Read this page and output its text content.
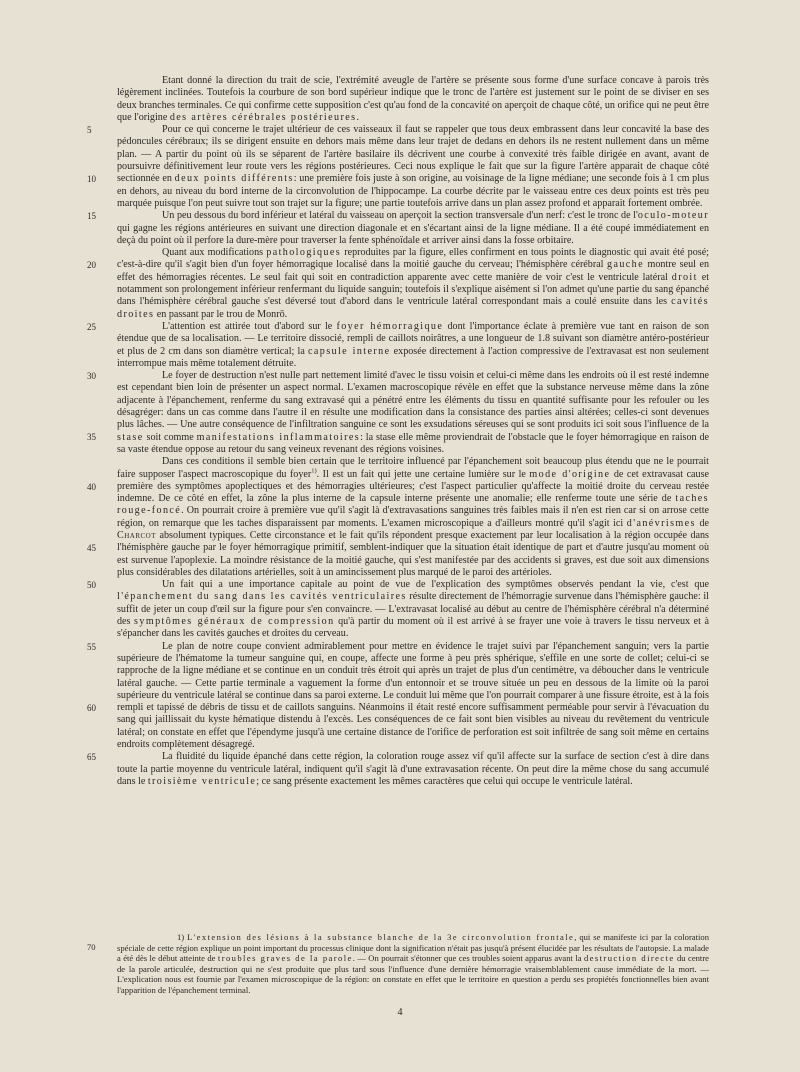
5
Etant donné la direction du trait de scie, l'extrémité aveugle de l'artère se présente sous forme d'une surface concave à parois très légèrement inclinées. Toutefois la courbure de son bord supérieur indique que le tronc de l'artère est justement sur le point de se diviser en ses deux branches terminales. Ce qui confirme cette supposition c'est qu'au fond de la concavité on aperçoit de chaque côté, un orifice qui ne peut être que l'origine des artères cérébrales postérieures.

10
Pour ce qui concerne le trajet ultérieur de ces vaisseaux il faut se rappeler que tous deux embrassent dans leur concavité la base des pédoncules cérébraux; ils se dirigent ensuite en dehors mais même dans leur trajet de dedans en dehors ils ne restent nullement dans un même plan. — A partir du point où ils se séparent de l'artère basilaire ils décrivent une courbe à convexité très faible dirigée en avant, avant de poursuivre définitivement leur route vers les régions postérieures. Ceci nous explique le fait que sur la figure l'artère apparait de chaque côté sectionnée en deux points différents: une première fois juste à son origine, au voisinage de la ligne médiane; une seconde fois à 1 cm plus en dehors, au niveau du bord interne de la circonvolution de l'hippocampe. La courbe décrite par le vaisseau entre ces deux points est très peu marquée puisque l'on peut suivre tout son trajet sur la figure; une partie toutefois arrive dans un plan assez profond et apparait fortement ombrée.

15	Un peu dessous du bord inférieur et latéral du vaisseau on aperçoit la section transversale d'un nerf: c'est le tronc de l'oculo-moteur qui gagne les régions antérieures en suivant une direction diagonale et en s'écartant ainsi de la ligne médiane. Il a été coupé immédiatement en deçà du point où il perfore la dure-mère pour traverser la fente sphénoïdale et arriver ainsi dans la fosse orbitaire.

20
25
Quant aux modifications pathologiques reproduites par la figure, elles confirment en tous points le diagnostic qui avait été posé; c'est-à-dire qu'il s'agit bien d'un foyer hémorragique localisé dans la moitié gauche du cerveau; l'hémisphère cérébral gauche montre seul en effet des hémorragies récentes. Le seul fait qui soit en contradiction apparente avec cette manière de voir c'est le ventricule latéral droit et notamment son prolongement inférieur renfermant du liquide sanguin; toutefois il s'explique aisément si l'on admet qu'une partie du sang épanché dans l'hémisphère cérébral gauche s'est déversé tout d'abord dans le ventricule latéral correspondant mais a coulé ensuite dans les cavités droites en passant par le trou de Monrō.

L'attention est attirée tout d'abord sur le foyer hémorragique dont l'importance éclate à première vue tant en raison de son étendue que de sa localisation. — Le territoire dissocié, rempli de caillots noirâtres, a une longueur de 1.8 suivant son diamètre antéro-postérieur et plus de 2 cm dans son diamètre vertical; la capsule interne exposée directement à l'action compressive de l'extravasat est non seulement interrompue mais même totalement détruite.

30
35
Le foyer de destruction n'est nulle part nettement limité d'avec le tissu voisin et celui-ci même dans les endroits où il est resté indemne est cependant bien loin de présenter un aspect normal. L'examen macroscopique révèle en effet que la substance nerveuse même dans la zône adjacente à l'épanchement, renferme du sang extravasé qui a pénétré entre les éléments du tissu en quantité suffisante pour les refouler ou les désagréger: dans un cas comme dans l'autre il en résulte une modification dans la consistance des parties ainsi altérées; celles-ci sont devenues plus lâches. — Une autre conséquence de l'infiltration sanguine ce sont les exsudations séreuses qui se sont produits ici soit sous l'influence de la stase soit comme manifestations inflammatoires: la stase elle même proviendrait de l'obstacle que le foyer hémorragique en raison de sa vaste étendue oppose au retour du sang veineux revenant des régions voisines.

40
45
Dans ces conditions il semble bien certain que le territoire influencé par l'épanchement soit beaucoup plus étendu que ne le pourrait faire supposer l'aspect macroscopique du foyer$^{1)}$. Il est un fait qui jette une certaine lumière sur le mode d'origine de cet extravasat cause première des symptômes apoplectiques et des hémorragies ultérieures; c'est l'aspect particulier qu'affecte la moitié droite du cerveau restée indemne. De ce côté en effet, la zône la plus interne de la capsule interne présente une anomalie; elle renferme toute une série de taches rouge-foncé. On pourrait croire à première vue qu'il s'agit là d'extravasations sanguines très faibles mais il n'en est rien car si on arrose cette région, on remarque que les taches disparaissent par moments. L'examen microscopique a d'ailleurs montré qu'il s'agit ici d'anévrismes de Charcot absolument typiques. Cette circonstance et le fait qu'ils répondent presque exactement par leur localisation à la région occupée dans l'hémisphère gauche par le foyer hémorragique primitif, semblent-indiquer que la situation était identique de part et d'autre jusqu'au moment où est survenue l'apoplexie. La moindre résistance de la moitié gauche, qui s'est manifestée par des accidents si graves, est due soit aux dimensions plus considérables des dilatations artérielles, soit à un amincissement plus marqué de le paroi des artérioles.

50	Un fait qui a une importance capitale au point de vue de l'explication des symptômes observés pendant la vie, c'est que l'épanchement du sang dans les cavités ventriculaires résulte directement de l'hémorragie survenue dans l'hémisphère gauche: il suffit de jeter un coup d'œil sur la figure pour s'en convaincre. — L'extravasat localisé au début au centre de l'hémisphère cérébral n'a déterminé des symptômes généraux de compression qu'à partir du moment où il est arrivé à se frayer une voie à travers le tissu nerveux et à s'épancher dans les cavités gauches et droites du cerveau.

55
60
Le plan de notre coupe convient admirablement pour mettre en évidence le trajet suivi par l'épanchement sanguin; vers la partie supérieure de l'hématome la tumeur sanguine qui, en coupe, affecte une forme à peu près sphérique, s'effile en une sorte de collet; celui-ci se rapproche de la ligne médiane et se continue en un conduit très étroit qui après un trajet de plus d'un centimètre, va déboucher dans le ventricule latéral gauche. — Cette partie terminale a vaguement la forme d'un entonnoir et se trouve située un peu en dessous de la limite où la paroi supérieure du ventricule latéral se continue dans sa paroi externe. Le conduit lui même que l'on pourrait comparer à une fissure étroite, est à la fois rempli et tapissé de débris de tissu et de caillots sanguins. Néanmoins il était resté encore suffisamment perméable pour servir à l'évacuation du sang qui jaillissait du kyste hématique distendu à l'excès. Les conséquences de ce fait sont bien visibles au niveau du revêtement du ventricule latéral; on constate en effet que l'épendyme jusqu'à une certaine distance de l'orifice de perforation est soit infiltrée de sang soit même en certains endroits complètement désagregé.

65	La fluidité du liquide épanché dans cette région, la coloration rouge assez vif qu'il affecte sur la surface de section c'est à dire dans toute la partie moyenne du ventricule latéral, indiquent qu'il s'agit là d'une extravasation récente. On peut dire la même chose du sang accumulé dans le troisième ventricule; ce sang présente exactement les mêmes caractères que celui qui occupe le ventricule latéral.

70
1) L'extension des lésions à la substance blanche de la 3e circonvolution frontale, qui se manifeste ici par la coloration spéciale de cette région explique un point important du processus clinique dont la signification n'était pas jusqu'à présent élucidée par les résultats de l'autopsie. La malade a été dès le début atteinte de troubles graves de la parole. — On pourrait s'étonner que ces troubles soient apparus avant la destruction directe du centre de la parole articulée, destruction qui ne s'est produite que plus tard sous l'influence d'une dernière hémorragie vraisemblablement cause immédiate de la mort. — L'explication nous est fournie par l'examen microscopique de la région: on constate en effet que le territoire en question a perdu ses propiétés fonctionnelles bien avant l'apparition de l'épanchement terminal.

4
